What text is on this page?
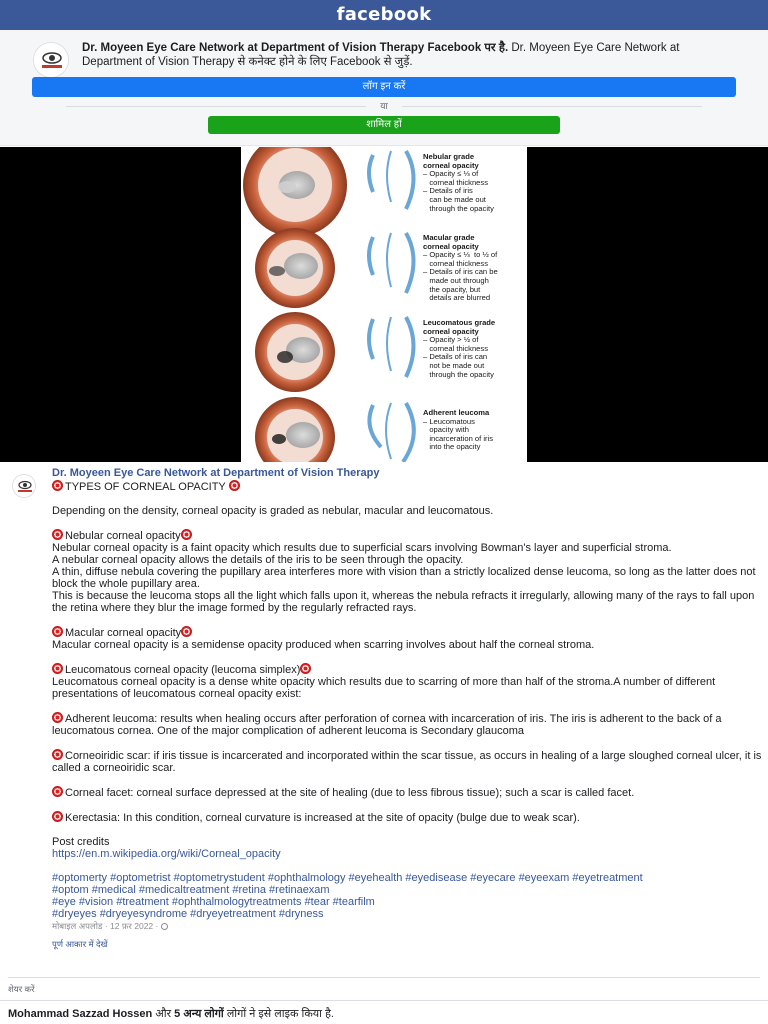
facebook
Dr. Moyeen Eye Care Network at Department of Vision Therapy Facebook पर है. Dr. Moyeen Eye Care Network at Department of Vision Therapy से कनेक्ट होने के लिए Facebook से जुड़ें.
लॉग इन करें
या
शामिल हों
Nebular grade
corneal opacity
– Opacity ≤ ⅓ of
corneal thickness
– Details of iris
can be made out
through the opacity
Macular grade
corneal opacity
– Opacity ≤ ⅓  to ½ of
corneal thickness
– Details of iris can be
made out through
the opacity, but
details are blurred
Leucomatous grade
corneal opacity
– Opacity > ½ of
corneal thickness
– Details of iris can
not be made out
through the opacity
Adherent leucoma
– Leucomatous
opacity with
incarceration of iris
into the opacity
Dr. Moyeen Eye Care Network at Department of Vision Therapy

TYPES OF CORNEAL OPACITY

Depending on the density, corneal opacity is graded as nebular, macular and leucomatous.

Nebular corneal opacity

Nebular corneal opacity is a faint opacity which results due to superficial scars involving Bowman's layer and superficial stroma.

A nebular corneal opacity allows the details of the iris to be seen through the opacity.

A thin, diffuse nebula covering the pupillary area interferes more with vision than a strictly localized dense leucoma, so long as the latter does not block the whole pupillary area.

This is because the leucoma stops all the light which falls upon it, whereas the nebula refracts it irregularly, allowing many of the rays to fall upon the retina where they blur the image formed by the regularly refracted rays.

Macular corneal opacity

Macular corneal opacity is a semidense opacity produced when scarring involves about half the corneal stroma.

Leucomatous corneal opacity (leucoma simplex)

Leucomatous corneal opacity is a dense white opacity which results due to scarring of more than half of the stroma.A number of different presentations of leucomatous corneal opacity exist:

Adherent leucoma: results when healing occurs after perforation of cornea with incarceration of iris. The iris is adherent to the back of a leucomatous cornea. One of the major complication of adherent leucoma is Secondary glaucoma

Corneoiridic scar: if iris tissue is incarcerated and incorporated within the scar tissue, as occurs in healing of a large sloughed corneal ulcer, it is called a corneoiridic scar.

Corneal facet: corneal surface depressed at the site of healing (due to less fibrous tissue); such a scar is called facet.

Kerectasia: In this condition, corneal curvature is increased at the site of opacity (bulge due to weak scar).

Post credits

https://en.m.wikipedia.org/wiki/Corneal_opacity

#optomerty #optometrist #optometrystudent #ophthalmology #eyehealth #eyedisease #eyecare #eyeexam #eyetreatment

#optom #medical #medicaltreatment #retina #retinaexam

#eye #vision #treatment #ophthalmologytreatments #tear #tearfilm

#dryeyes #dryeyesyndrome #dryeyetreatment #dryness

मोबाइल अपलोड · 12 फ़र 2022 ·

पूर्ण आकार में देखें

शेयर करें
Mohammad Sazzad Hossen और 5 अन्य लोगों लोगों ने इसे लाइक किया है.
